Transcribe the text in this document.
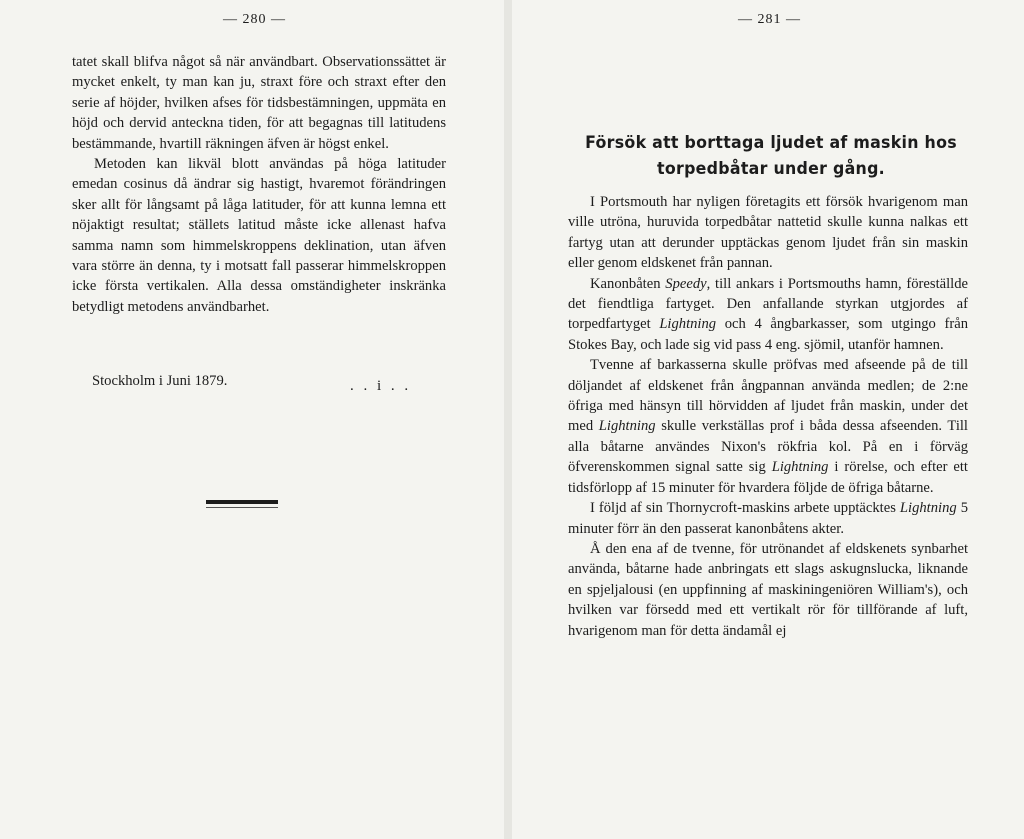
— 280 —

tatet skall blifva något så när användbart. Observationssättet är mycket enkelt, ty man kan ju, straxt före och straxt efter den serie af höjder, hvilken afses för tidsbestämningen, uppmäta en höjd och dervid anteckna tiden, för att begagnas till latitudens bestämmande, hvartill räkningen äfven är högst enkel.

Metoden kan likväl blott användas på höga latituder emedan cosinus då ändrar sig hastigt, hvaremot förändringen sker allt för långsamt på låga latituder, för att kunna lemna ett nöjaktigt resultat; ställets latitud måste icke allenast hafva samma namn som himmelskroppens deklination, utan äfven vara större än denna, ty i motsatt fall passerar himmelskroppen icke första vertikalen. Alla dessa omständigheter inskränka betydligt metodens användbarhet.

Stockholm i Juni 1879.	. . i . .
— 281 —
Försök att borttaga ljudet af maskin hos torpedbåtar under gång.

I Portsmouth har nyligen företagits ett försök hvarigenom man ville utröna, huruvida torpedbåtar nattetid skulle kunna nalkas ett fartyg utan att derunder upptäckas genom ljudet från sin maskin eller genom eldskenet från pannan.

Kanonbåten Speedy, till ankars i Portsmouths hamn, föreställde det fiendtliga fartyget. Den anfallande styrkan utgjordes af torpedfartyget Lightning och 4 ångbarkasser, som utgingo från Stokes Bay, och lade sig vid pass 4 eng. sjömil, utanför hamnen.

Tvenne af barkasserna skulle pröfvas med afseende på de till döljandet af eldskenet från ångpannan använda medlen; de 2:ne öfriga med hänsyn till hörvidden af ljudet från maskin, under det med Lightning skulle verkställas prof i båda dessa afseenden. Till alla båtarne användes Nixon's rökfria kol. På en i förväg öfverenskommen signal satte sig Lightning i rörelse, och efter ett tidsförlopp af 15 minuter för hvardera följde de öfriga båtarne.

I följd af sin Thornycroft-maskins arbete upptäcktes Lightning 5 minuter förr än den passerat kanonbåtens akter.

Å den ena af de tvenne, för utrönandet af eldskenets synbarhet använda, båtarne hade anbringats ett slags askugnslucka, liknande en spjeljalousi (en uppfinning af maskiningeniören William's), och hvilken var försedd med ett vertikalt rör för tillförande af luft, hvarigenom man för detta ändamål ej
